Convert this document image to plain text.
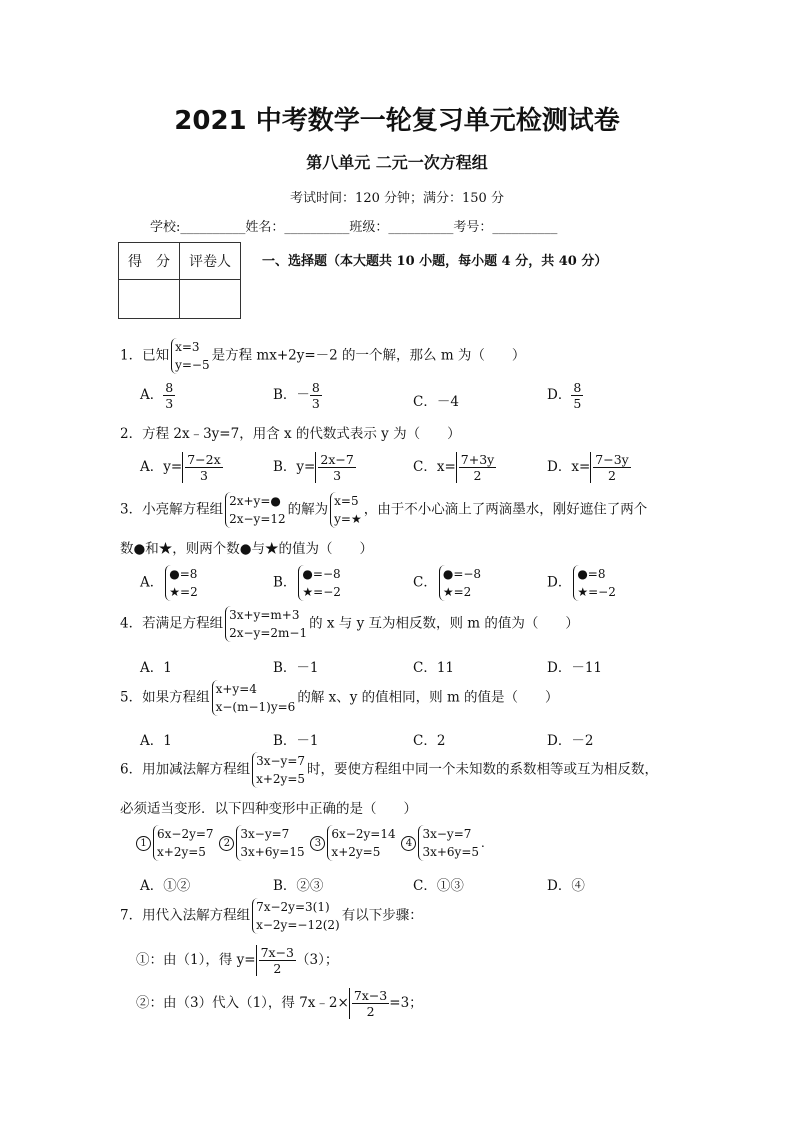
2021 中考数学一轮复习单元检测试卷
第八单元 二元一次方程组
考试时间：120 分钟；满分：150 分
学校:__________姓名：__________班级：__________考号：__________
得　分	评卷人
	一、选择题（本大题共 10 小题，每小题 4 分，共 40 分）
1．已知
x=3
y=−5
是方程 mx+2y=－2 的一个解，那么 m 为（　　）
A． $\frac{8}{3}$	B．－ $\frac{8}{3}$	C．－4	D． $\frac{8}{5}$
2．方程 2x﹣3y=7，用含 x 的代数式表示 y 为（　　）
A．$y= \frac{7-2x}{3}$	B．$y= \frac{2x-7}{3}$	C．$x= \frac{7+3y}{2}$	D．$x= \frac{7-3y}{2}$
3．小亮解方程组
2x+y=●
2x−y=12
的解为
x=5
y=★
，由于不小心滴上了两滴墨水，刚好遮住了两个
数●和★，则两个数●与★的值为（　　）
A．
●=8
★=2
B．
●=−8
★=−2
C．
●=−8
★=2
D．
●=8
★=−2
4．若满足方程组
3x+y=m+3
2x−y=2m−1
的 x 与 y 互为相反数，则 m 的值为（　　）
A．1	B．－1	C．11	D．－11
5．如果方程组
x+y=4
x−(m−1)y=6
的解 x、y 的值相同，则 m 的值是（　　）
A．1	B．－1	C．2	D．－2
6．用加减法解方程组
3x−y=7
x+2y=5
时，要使方程组中同一个未知数的系数相等或互为相反数，
必须适当变形．以下四种变形中正确的是（　　）
1
6x−2y=7
x+2y=5
2
3x−y=7
3x+6y=15
3
6x−2y=14
x+2y=5
4
3x−y=7
3x+6y=5
．
A．①②	B．②③	C．①③	D．④
7．用代入法解方程组
7x−2y=3(1)
x−2y=−12(2)
有以下步骤：
①：由（1），得 $y= \frac{7x-3}{2} (3)$；
②：由（3）代入（1），得 7x﹣2× $\frac{7x-3}{2} =3$；
